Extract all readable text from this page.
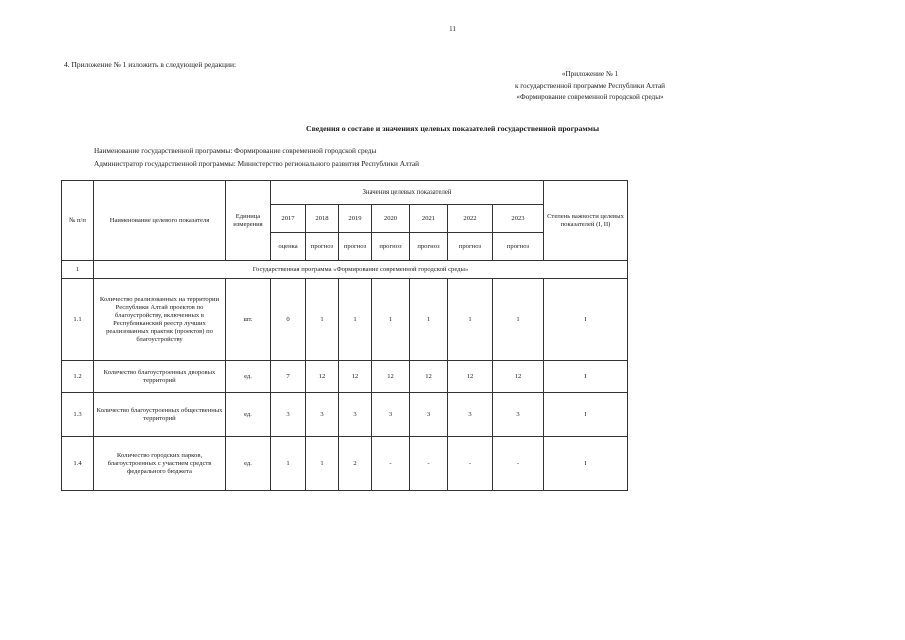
11
4. Приложение № 1 изложить в следующей редакции:
«Приложение № 1
к государственной программе Республики Алтай
«Формирование современной городской среды»
Сведения о составе и значениях целевых показателей государственной программы
Наименование государственной программы: Формирование современной городской среды
Администратор государственной программы: Министерство регионального развития Республики Алтай
№ п/п	Наименование целевого показателя	Единица измерения	Значения целевых показателей							Степень важности целевых показателей (I, II)
			2017	2018	2019	2020	2021	2022	2023	
			оценка	прогноз	прогноз	прогноз	прогноз	прогноз	прогноз	
1	Государственная программа «Формирование современной городской среды»									
1.1	Количество реализованных на территории Республики Алтай проектов по благоустройству, включенных в Республиканский реестр лучших реализованных практик (проектов) по благоустройству	шт.	0	1	1	1	1	1	1	I
1.2	Количество благоустроенных дворовых территорий	ед.	7	12	12	12	12	12	12	I
1.3	Количество благоустроенных общественных территорий	ед.	3	3	3	3	3	3	3	I
1.4	Количество городских парков, благоустроенных с участием средств федерального бюджета	ед.	1	1	2	-	-	-	-	I
